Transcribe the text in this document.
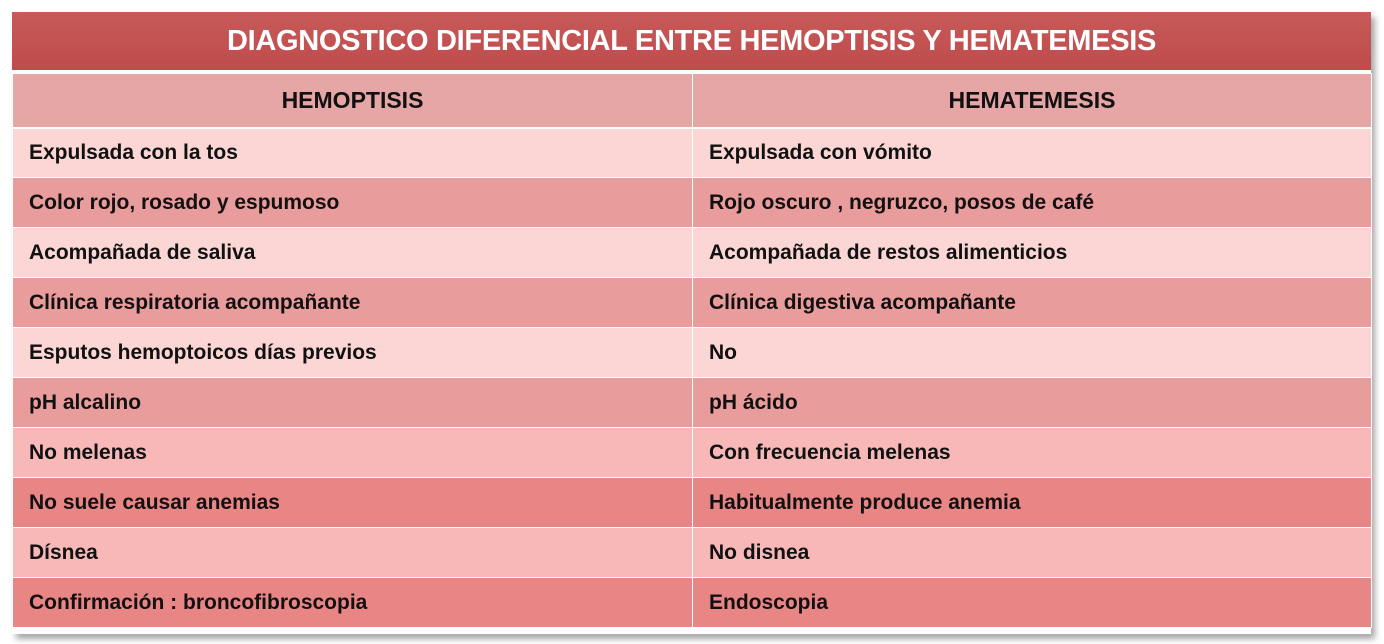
DIAGNOSTICO DIFERENCIAL ENTRE HEMOPTISIS Y HEMATEMESIS
HEMOPTISIS	HEMATEMESIS
Expulsada con la tos	Expulsada con vómito
Color rojo, rosado y espumoso	Rojo oscuro , negruzco, posos de café
Acompañada de saliva	Acompañada de restos alimenticios
Clínica respiratoria acompañante	Clínica digestiva acompañante
Esputos hemoptoicos días previos	No
pH alcalino	pH ácido
No melenas	Con frecuencia melenas
No suele causar anemias	Habitualmente produce anemia
Dísnea	No disnea
Confirmación : broncofibroscopia	Endoscopia
